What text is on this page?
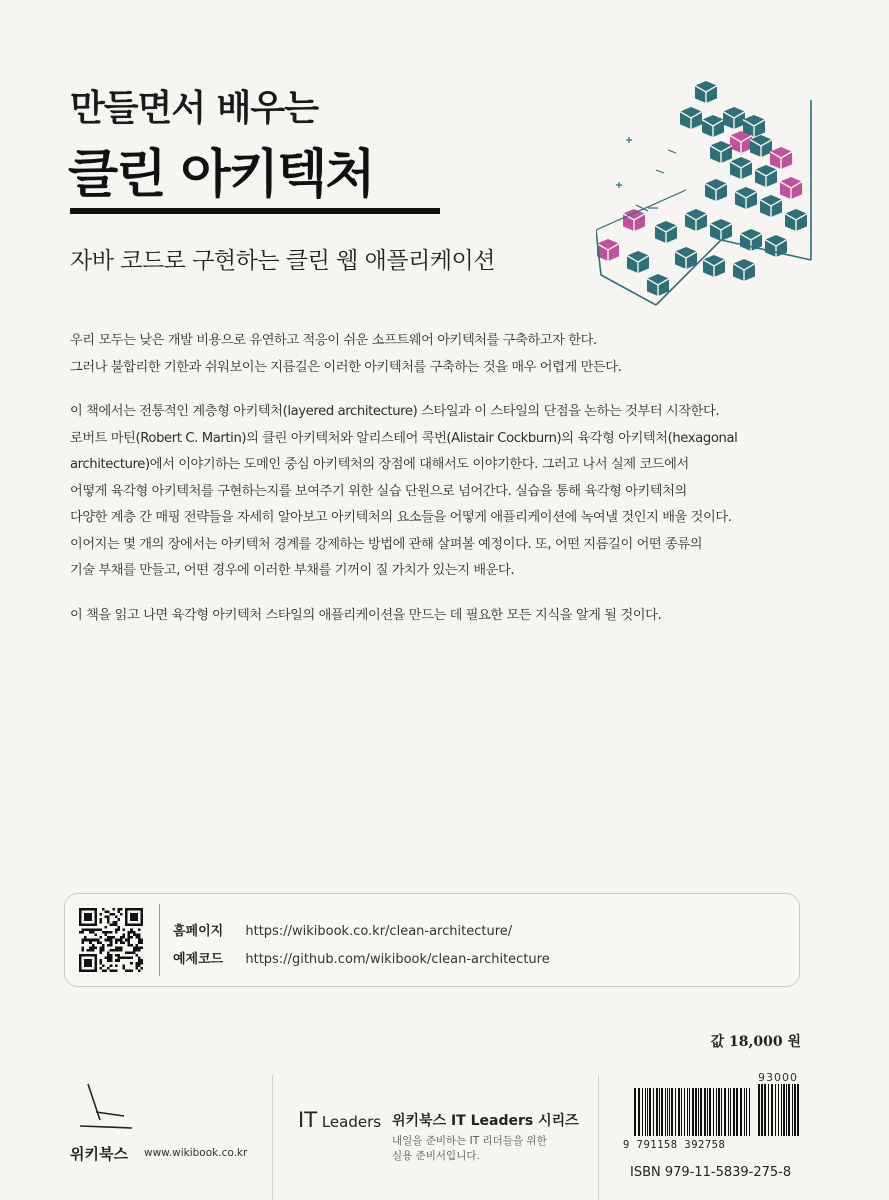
만들면서 배우는
클린 아키텍처
자바 코드로 구현하는 클린 웹 애플리케이션

우리 모두는 낮은 개발 비용으로 유연하고 적응이 쉬운 소프트웨어 아키텍처를 구축하고자 한다.
그러나 불합리한 기한과 쉬워보이는 지름길은 이러한 아키텍처를 구축하는 것을 매우 어렵게 만든다.

이 책에서는 전통적인 계층형 아키텍처(layered architecture) 스타일과 이 스타일의 단점을 논하는 것부터 시작한다.
로버트 마틴(Robert C. Martin)의 클린 아키텍처와 알리스테어 콕번(Alistair Cockburn)의 육각형 아키텍처(hexagonal
architecture)에서 이야기하는 도메인 중심 아키텍처의 장점에 대해서도 이야기한다. 그러고 나서 실제 코드에서
어떻게 육각형 아키텍처를 구현하는지를 보여주기 위한 실습 단원으로 넘어간다. 실습을 통해 육각형 아키텍처의
다양한 계층 간 매핑 전략들을 자세히 알아보고 아키텍처의 요소들을 어떻게 애플리케이션에 녹여낼 것인지 배울 것이다.
이어지는 몇 개의 장에서는 아키텍처 경계를 강제하는 방법에 관해 살펴볼 예정이다. 또, 어떤 지름길이 어떤 종류의
기술 부채를 만들고, 어떤 경우에 이러한 부채를 기꺼이 질 가치가 있는지 배운다.

이 책을 읽고 나면 육각형 아키텍처 스타일의 애플리케이션을 만드는 데 필요한 모든 지식을 알게 될 것이다.

홈페이지 https://wikibook.co.kr/clean-architecture/
예제코드 https://github.com/wikibook/clean-architecture
값 18,000 원
위키북스 www.wikibook.co.kr
IT Leaders 위키북스 IT Leaders 시리즈
내일을 준비하는 IT 리더들을 위한
실용 준비서입니다.
93000
9 791158 392758
ISBN 979-11-5839-275-8
